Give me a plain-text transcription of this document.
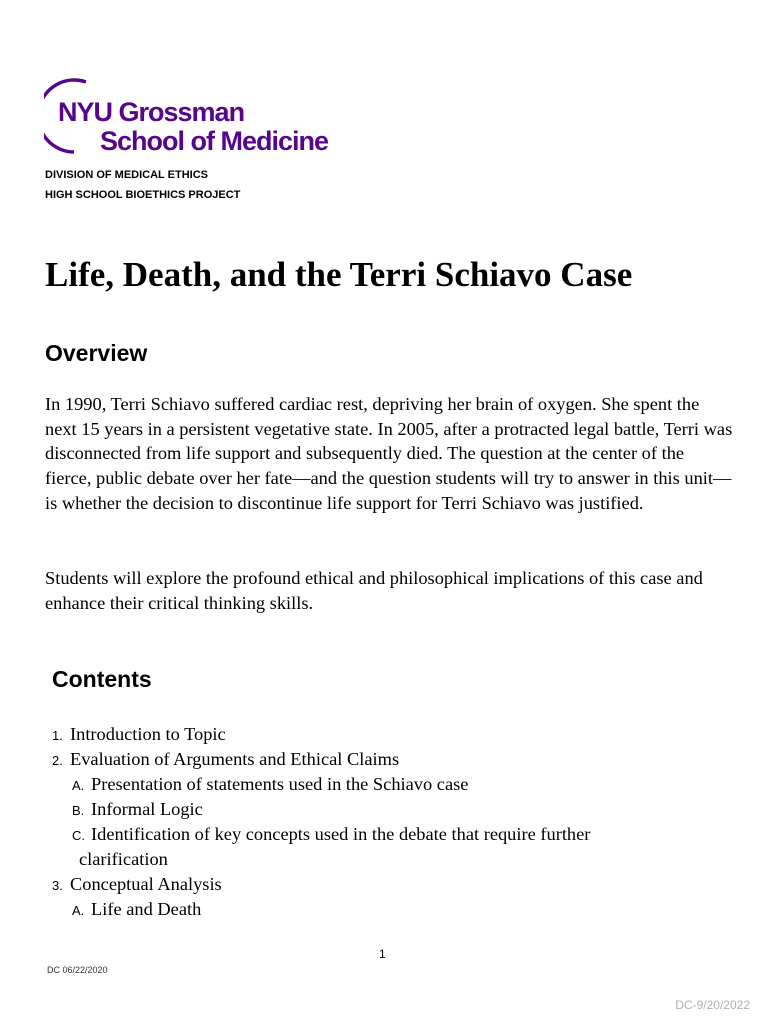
NYU Grossman
School of Medicine
DIVISION OF MEDICAL ETHICS
HIGH SCHOOL BIOETHICS PROJECT
Life, Death, and the Terri Schiavo Case
Overview

In 1990, Terri Schiavo suffered cardiac rest, depriving her brain of oxygen. She spent the next 15 years in a persistent vegetative state. In 2005, after a protracted legal battle, Terri was disconnected from life support and subsequently died. The question at the center of the fierce, public debate over her fate—and the question students will try to answer in this unit—is whether the decision to discontinue life support for Terri Schiavo was justified.

Students will explore the profound ethical and philosophical implications of this case and enhance their critical thinking skills.

Contents
1. Introduction to Topic
2. Evaluation of Arguments and Ethical Claims
A. Presentation of statements used in the Schiavo case
B. Informal Logic
C. Identification of key concepts used in the debate that require further
clarification
3. Conceptual Analysis
A. Life and Death
1
DC 06/22/2020
DC-9/20/2022
